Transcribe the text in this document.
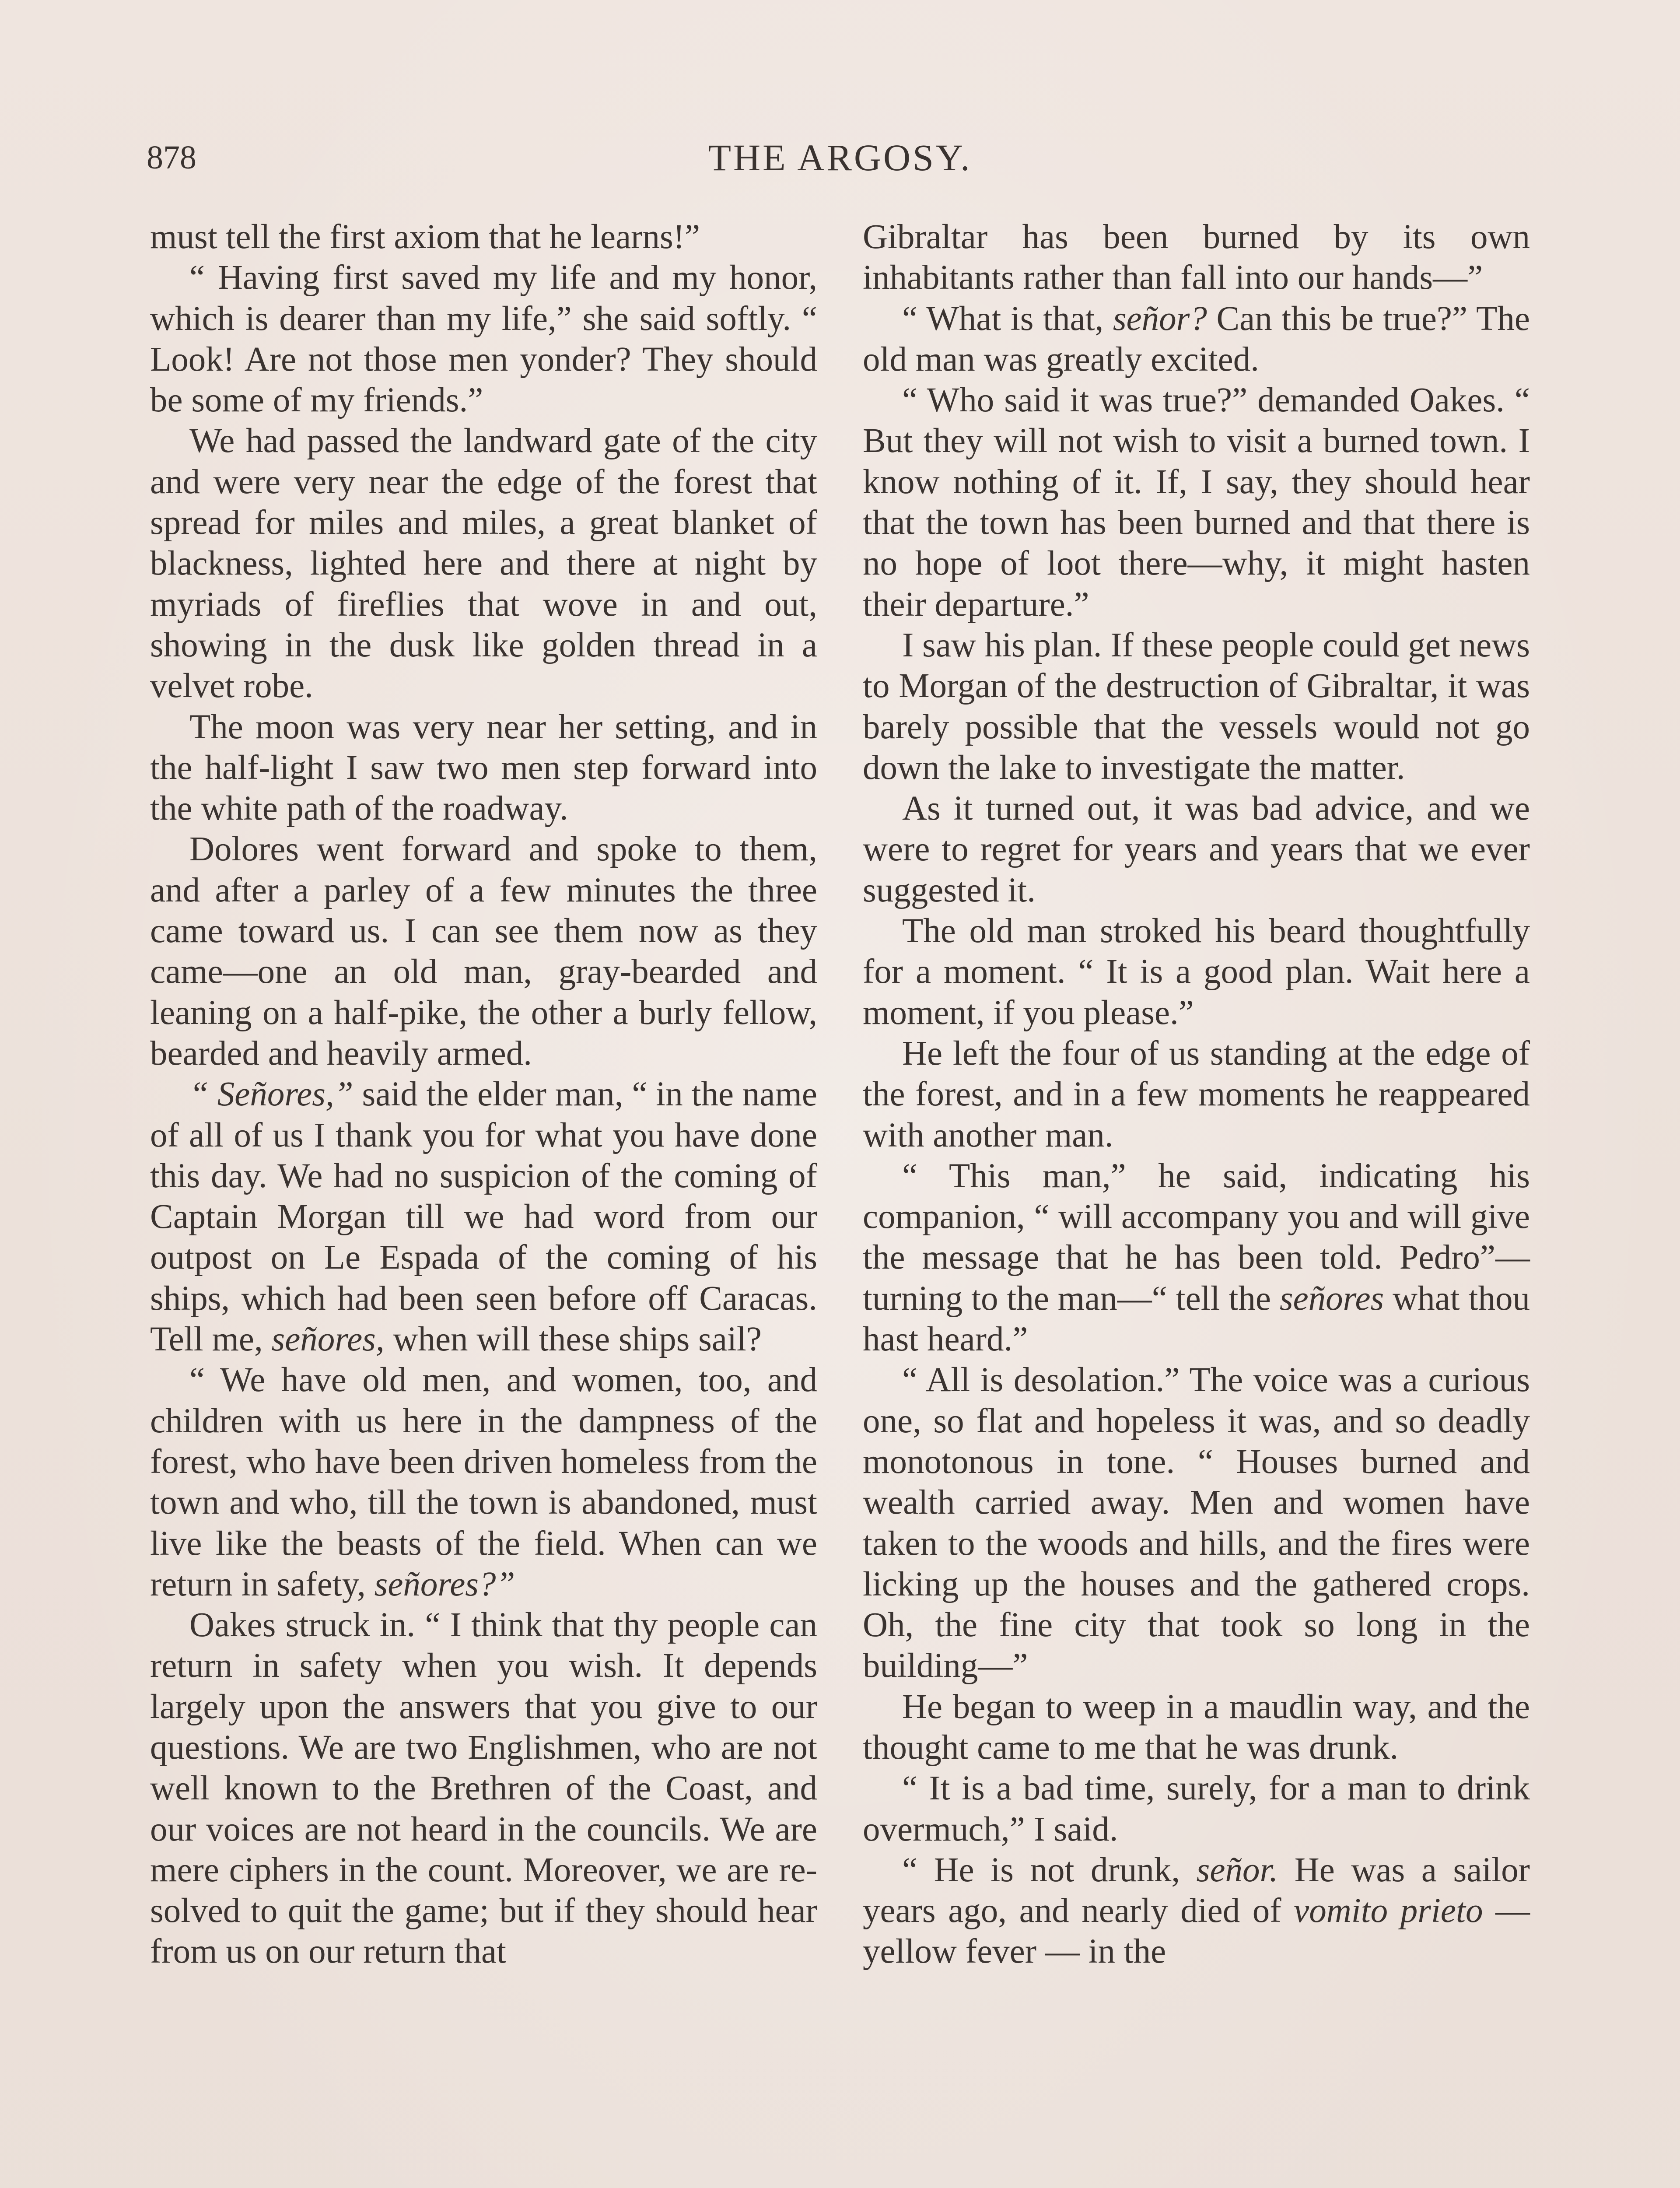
878	THE ARGOSY.

must tell the first axiom that he learns!”

“ Having first saved my life and my honor, which is dearer than my life,” she said softly. “ Look! Are not those men yonder? They should be some of my friends.”

We had passed the landward gate of the city and were very near the edge of the forest that spread for miles and miles, a great blanket of blackness, lighted here and there at night by myriads of fireflies that wove in and out, showing in the dusk like golden thread in a velvet robe.

The moon was very near her setting, and in the half-light I saw two men step forward into the white path of the roadway.

Dolores went forward and spoke to them, and after a parley of a few minutes the three came toward us. I can see them now as they came—one an old man, gray-bearded and leaning on a half-pike, the other a burly fellow, bearded and heavily armed.

“ Señores,” said the elder man, “ in the name of all of us I thank you for what you have done this day. We had no suspicion of the coming of Captain Morgan till we had word from our outpost on Le Espada of the coming of his ships, which had been seen before off Caracas. Tell me, señores, when will these ships sail?

“ We have old men, and women, too, and children with us here in the dampness of the forest, who have been driven homeless from the town and who, till the town is abandoned, must live like the beasts of the field. When can we return in safety, señores?”

Oakes struck in. “ I think that thy people can return in safety when you wish. It depends largely upon the answers that you give to our questions. We are two Englishmen, who are not well known to the Brethren of the Coast, and our voices are not heard in the councils. We are mere ciphers in the count. Moreover, we are resolved to quit the game; but if they should hear from us on our return that

Gibraltar has been burned by its own inhabitants rather than fall into our hands—”

“ What is that, señor? Can this be true?” The old man was greatly excited.

“ Who said it was true?” demanded Oakes. “ But they will not wish to visit a burned town. I know nothing of it. If, I say, they should hear that the town has been burned and that there is no hope of loot there—why, it might hasten their departure.”

I saw his plan. If these people could get news to Morgan of the destruction of Gibraltar, it was barely possible that the vessels would not go down the lake to investigate the matter.

As it turned out, it was bad advice, and we were to regret for years and years that we ever suggested it.

The old man stroked his beard thoughtfully for a moment. “ It is a good plan. Wait here a moment, if you please.”

He left the four of us standing at the edge of the forest, and in a few moments he reappeared with another man.

“ This man,” he said, indicating his companion, “ will accompany you and will give the message that he has been told. Pedro”—turning to the man—“ tell the señores what thou hast heard.”

“ All is desolation.” The voice was a curious one, so flat and hopeless it was, and so deadly monotonous in tone. “ Houses burned and wealth carried away. Men and women have taken to the woods and hills, and the fires were licking up the houses and the gathered crops. Oh, the fine city that took so long in the building—”

He began to weep in a maudlin way, and the thought came to me that he was drunk.

“ It is a bad time, surely, for a man to drink overmuch,” I said.

“ He is not drunk, señor. He was a sailor years ago, and nearly died of vomito prieto — yellow fever — in the
